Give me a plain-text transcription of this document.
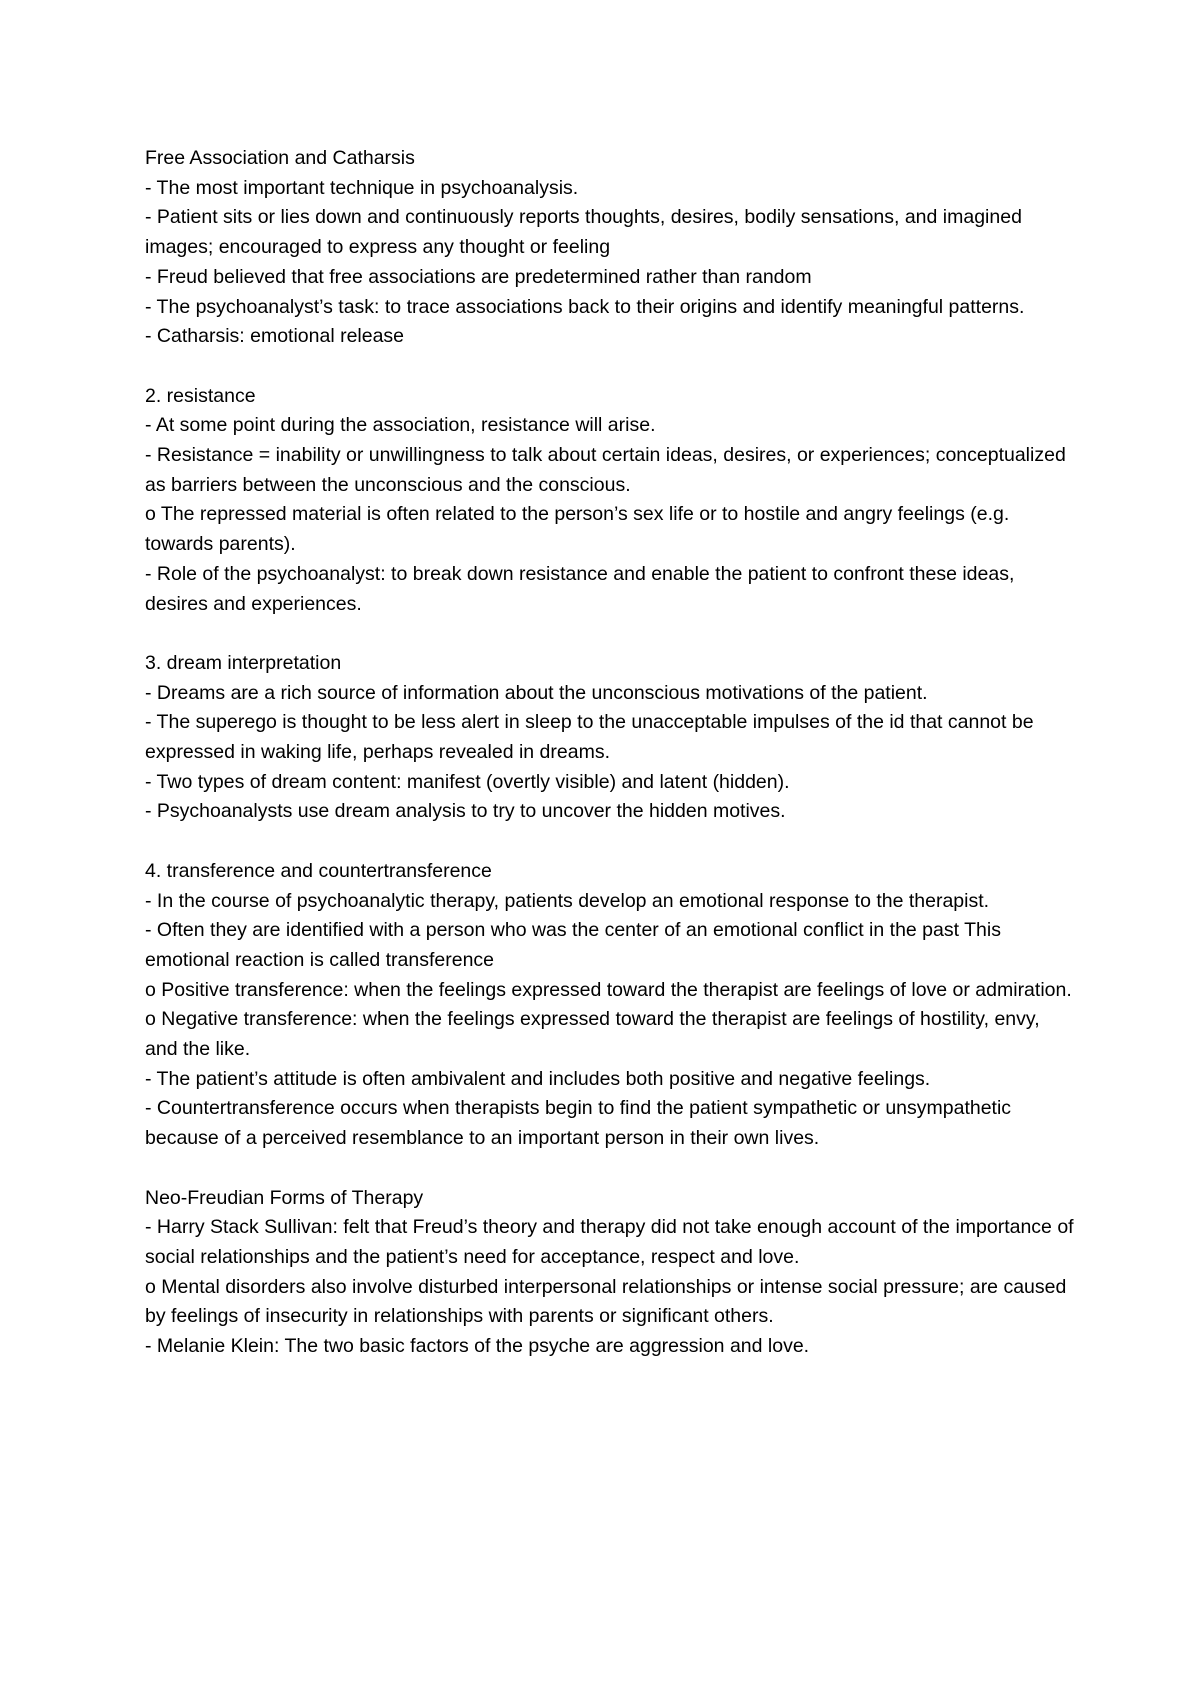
Free Association and Catharsis
- The most important technique in psychoanalysis.
- Patient sits or lies down and continuously reports thoughts, desires, bodily sensations, and imagined images; encouraged to express any thought or feeling
- Freud believed that free associations are predetermined rather than random
- The psychoanalyst’s task: to trace associations back to their origins and identify meaningful patterns.
- Catharsis: emotional release
2. resistance
- At some point during the association, resistance will arise.
- Resistance = inability or unwillingness to talk about certain ideas, desires, or experiences; conceptualized as barriers between the unconscious and the conscious.
o The repressed material is often related to the person’s sex life or to hostile and angry feelings (e.g. towards parents).
- Role of the psychoanalyst: to break down resistance and enable the patient to confront these ideas, desires and experiences.
3. dream interpretation
- Dreams are a rich source of information about the unconscious motivations of the patient.
- The superego is thought to be less alert in sleep to the unacceptable impulses of the id that cannot be expressed in waking life, perhaps revealed in dreams.
- Two types of dream content: manifest (overtly visible) and latent (hidden).
- Psychoanalysts use dream analysis to try to uncover the hidden motives.
4. transference and countertransference
- In the course of psychoanalytic therapy, patients develop an emotional response to the therapist.
- Often they are identified with a person who was the center of an emotional conflict in the past This emotional reaction is called transference
o Positive transference: when the feelings expressed toward the therapist are feelings of love or admiration.
o Negative transference: when the feelings expressed toward the therapist are feelings of hostility, envy, and the like.
- The patient’s attitude is often ambivalent and includes both positive and negative feelings.
- Countertransference occurs when therapists begin to find the patient sympathetic or unsympathetic because of a perceived resemblance to an important person in their own lives.
Neo-Freudian Forms of Therapy
- Harry Stack Sullivan: felt that Freud’s theory and therapy did not take enough account of the importance of social relationships and the patient’s need for acceptance, respect and love.
o Mental disorders also involve disturbed interpersonal relationships or intense social pressure; are caused by feelings of insecurity in relationships with parents or significant others.
- Melanie Klein: The two basic factors of the psyche are aggression and love.
